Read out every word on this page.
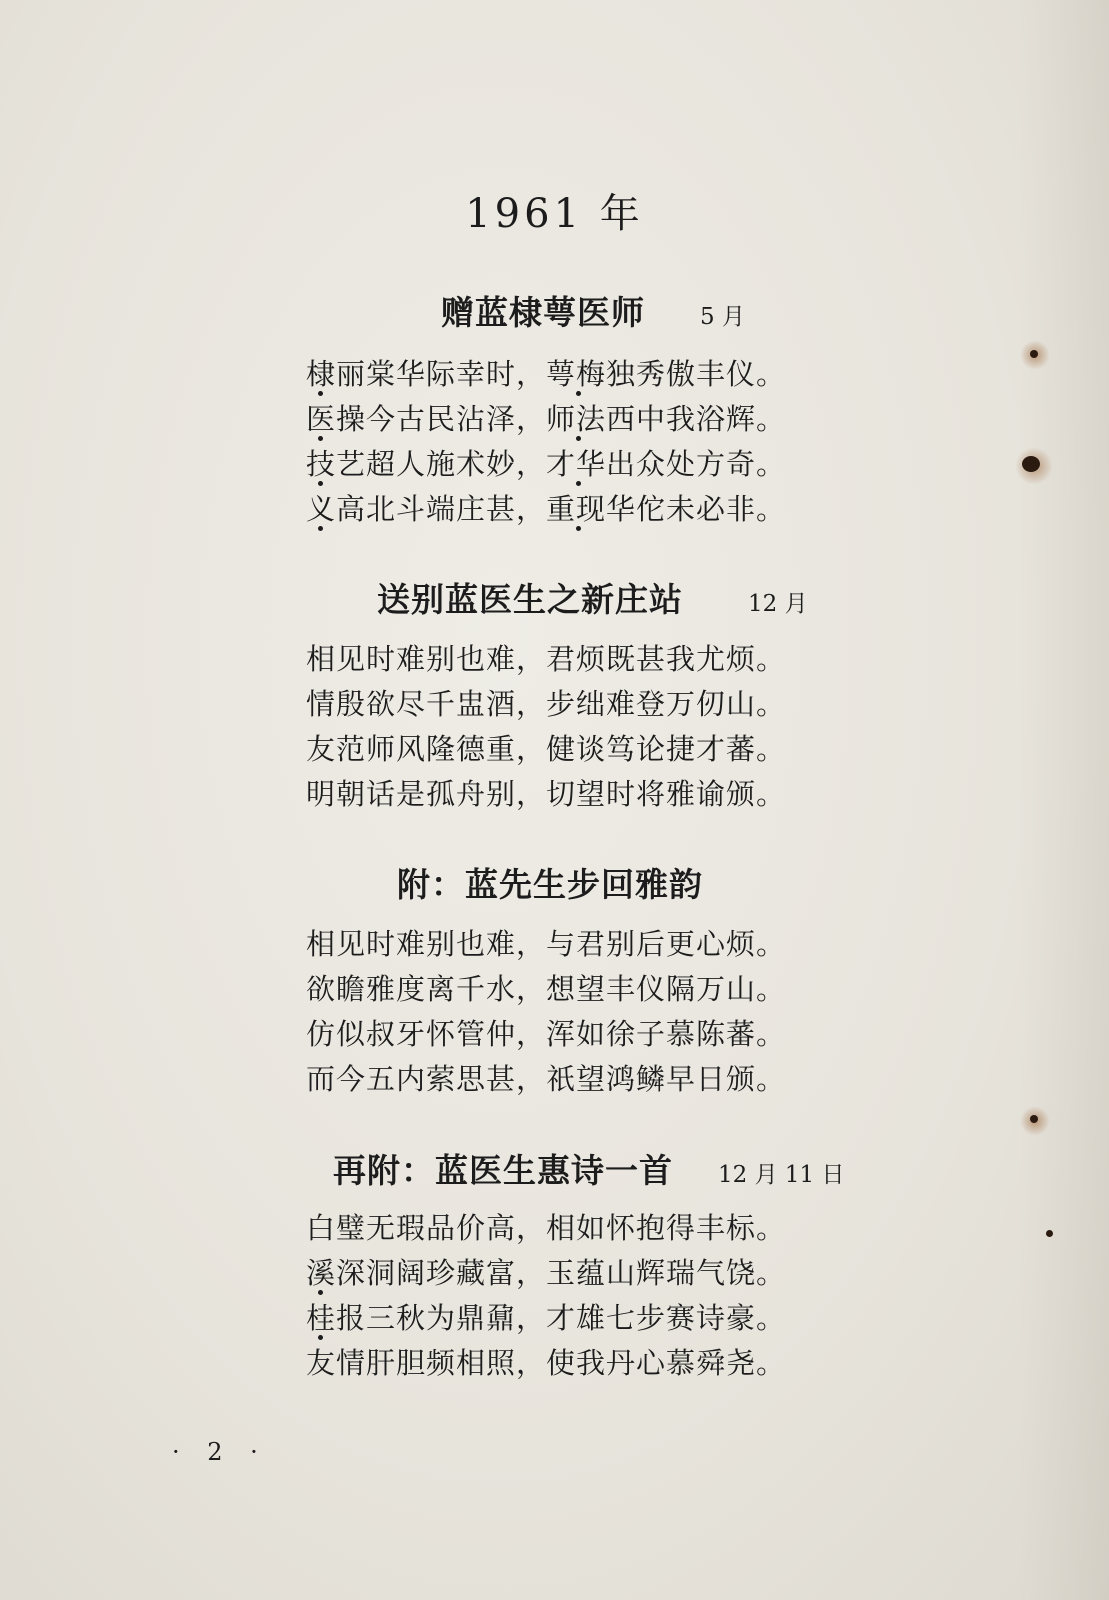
1961 年
赠蓝棣萼医师 5 月
棣丽棠华际幸时，萼梅独秀傲丰仪。
医操今古民沾泽，师法西中我浴辉。
技艺超人施术妙，才华出众处方奇。
义高北斗端庄甚，重现华佗未必非。
送别蓝医生之新庄站	12 月
相见时难别也难，君烦既甚我尤烦。
情殷欲尽千盅酒，步绌难登万仞山。
友范师风隆德重，健谈笃论捷才蕃。
明朝话是孤舟别，切望时将雅谕颁。
附：蓝先生步回雅韵
相见时难别也难，与君别后更心烦。
欲瞻雅度离千水，想望丰仪隔万山。
仿似叔牙怀管仲，浑如徐子慕陈蕃。
而今五内萦思甚，祇望鸿鳞早日颁。
再附：蓝医生惠诗一首 12 月 11 日
白璧无瑕品价高，相如怀抱得丰标。
溪深洞阔珍藏富，玉蕴山辉瑞气饶。
桂报三秋为鼎鼐，才雄七步赛诗豪。
友情肝胆频相照，使我丹心慕舜尧。
· 2 ·
